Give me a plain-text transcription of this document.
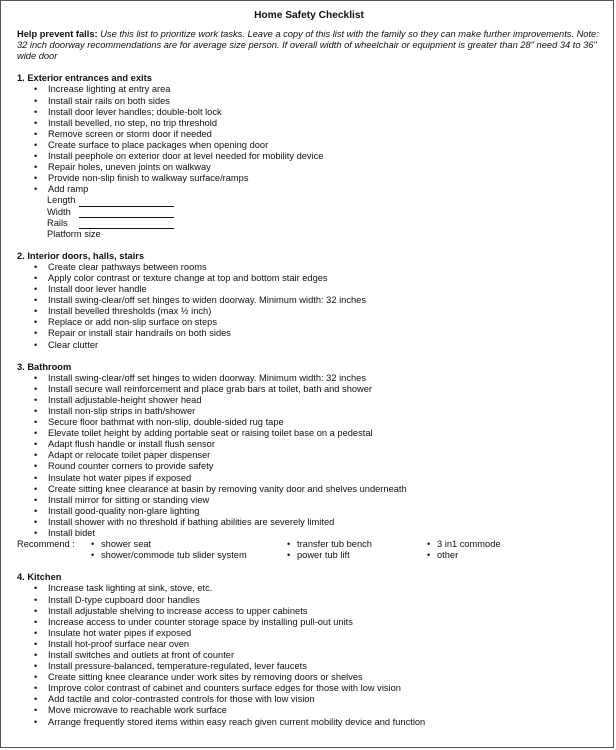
Home Safety Checklist
Help prevent falls: Use this list to prioritize work tasks. Leave a copy of this list with the family so they can make further improvements. Note: 32 inch doorway recommendations are for average size person. If overall width of wheelchair or equipment is greater than 28" need 34 to 36" wide door
1. Exterior entrances and exits
• Increase lighting at entry area
• Install stair rails on both sides
• Install door lever handles; double-bolt lock
• Install bevelled, no step, no trip threshold
• Remove screen or storm door if needed
• Create surface to place packages when opening door
• Install peephole on exterior door at level needed for mobility device
• Repair holes, uneven joints on walkway
• Provide non-slip finish to walkway surface/ramps
• Add ramp
Length
Width
Rails
Platform size
2. Interior doors, halls, stairs
• Create clear pathways between rooms
• Apply color contrast or texture change at top and bottom stair edges
• Install door lever handle
• Install swing-clear/off set hinges to widen doorway. Minimum width: 32 inches
• Install bevelled thresholds (max ½ inch)
• Replace or add non-slip surface on steps
• Repair or install stair handrails on both sides
• Clear clutter
3. Bathroom
• Install swing-clear/off set hinges to widen doorway. Minimum width: 32 inches
• Install secure wall reinforcement and place grab bars at toilet, bath and shower
• Install adjustable-height shower head
• Install non-slip strips in bath/shower
• Secure floor bathmat with non-slip, double-sided rug tape
• Elevate toilet height by adding portable seat or raising toilet base on a pedestal
• Adapt flush handle or install flush sensor
• Adapt or relocate toilet paper dispenser
• Round counter corners to provide safety
• Insulate hot water pipes if exposed
• Create sitting knee clearance at basin by removing vanity door and shelves underneath
• Install mirror for sitting or standing view
• Install good-quality non-glare lighting
• Install shower with no threshold if bathing abilities are severely limited
• Install bidet
Recommend :
•	shower seat
• shower/commode tub slider system
• transfer tub bench
• power tub lift
• 3 in1 commode
• other
4. Kitchen
• Increase task lighting at sink, stove, etc.
• Install D-type cupboard door handles
• Install adjustable shelving to increase access to upper cabinets
• Increase access to under counter storage space by installing pull-out units
• Insulate hot water pipes if exposed
• Install hot-proof surface near oven
• Install switches and outlets at front of counter
• Install pressure-balanced, temperature-regulated, lever faucets
• Create sitting knee clearance under work sites by removing doors or shelves
• Improve color contrast of cabinet and counters surface edges for those with low vision
• Add tactile and color-contrasted controls for those with low vision
• Move microwave to reachable work surface
• Arrange frequently stored items within easy reach given current mobility device and function
